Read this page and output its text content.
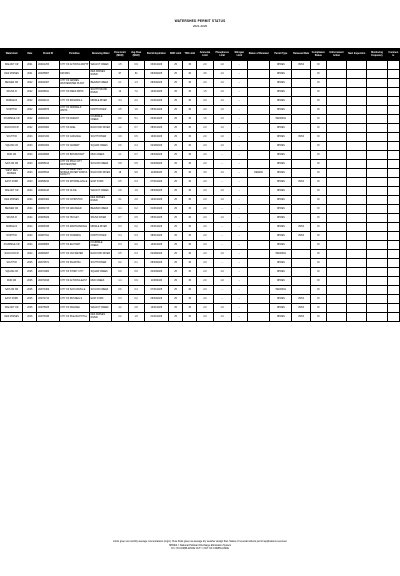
WATERSHED PERMIT STATUS
2021-2026
Watershed	Date	Permit ID	Permittee	Receiving Water	Flow Limit (MGD)	Avg Flow (MGD)	Permit Expiration	BOD Limit	TSS Limit	Ammonia Limit	Phosphorus Limit	Nitrogen Limit	Status of Renewal	Permit Type	Reissued Date	Compliance Status	Enforcement Action	Next Inspection	Monitoring Frequency	Comments
WALNUT CR	2021	IA0021253	CITY OF ALTOONA WWTP	WALNUT CREEK	1.5	0.9	03/31/2026	25	30	2.0	1.0	--		NPDES	05/04	IN				
DES MOINES	2021	IA0035807	DM WRA	DES MOINES RIVER	97	64	06/30/2025	25	30	3.5	1.0	--		NPDES		IN				
BEAVER CR	2022	IA0042307	CITY OF GRIMES WASTEWATER PLANT	BEAVER CREEK	2.1	1.3	09/30/2026	25	30	2.0	1.0	--		NPDES		IN				
SKUNK R	2022	IA0038911	CITY OF AMES WPCF	SOUTH SKUNK RIVER	12	7.2	12/31/2025	25	30	1.5	1.0	--		NPDES		IN				
MIDDLE R	2022	IA0044121	CITY OF INDIANOLA	MIDDLE RIVER	3.4	2.2	01/31/2026	25	30	2.0	1.0	--		NPDES		IN				
NORTH R	2022	IA0039875	CITY OF NORWALK WWTF	NORTH RIVER	2.5	1.6	05/31/2026	25	30	2.0	1.0	--		NPDES		IN				
FOURMILE CR	2022	IA0061204	CITY OF ANKENY	FOURMILE CREEK	8.0	5.1	03/31/2025	25	30	1.5	1.0	--		PENDING		IN				
RACCOON R	2022	IA0033820	CITY OF ADEL	RACCOON RIVER	1.2	0.7	08/31/2026	25	30	2.0	1.0	--		NPDES		IN				
SOUTH R	2023	IA0047220	CITY OF CARLISLE	SOUTH RIVER	0.9	0.5	10/31/2026	25	30	2.0	1.0	--		NPDES	05/04	IN				
SQUAW CR	2023	IA0051662	CITY OF GILBERT	SQUAW CREEK	0.6	0.4	02/28/2026	25	30	2.0	1.0	--		NPDES		IN				
MUD CR	2023	IA0046893	CITY OF BONDURANT	MUD CREEK	1.1	0.7	06/30/2026	25	30	2.0	--	--		NPDES		IN				
SAYLOR CR	2023	IA0055104	CITY OF POLK CITY WASTEWATER	SAYLOR CREEK	0.8	0.5	04/30/2026	25	30	2.0	--	--		NPDES		IN				
WEST DES MOINES	2023	IA0036544	CITY OF WEST DES MOINES WATER WORKS FACILITY	RACCOON RIVER	18	9.6	11/30/2025	25	30	3.0	1.0	--	RENEW	NPDES		IN				
EAST FORK	2023	IA0058210	CITY OF MITCHELLVILLE	EAST FORK	0.5	0.3	07/31/2026	25	30	2.0	--	--		NPDES	05/04	IN				
WALNUT CR	2024	IA0062118	CITY OF CLIVE	WALNUT CREEK	2.8	1.9	09/30/2025	25	30	2.0	1.0	--		NPDES		IN				
DES MOINES	2024	IA0063402	CITY OF JOHNSTON	DES MOINES RIVER	3.1	2.0	12/31/2026	25	30	2.0	1.0	--		NPDES		IN				
BEAVER CR	2024	IA0064715	CITY OF GRANGER	BEAVER CREEK	0.4	0.2	01/31/2026	25	30	2.0	--	--		NPDES		IN				
SKUNK R	2024	IA0065029	CITY OF HUXLEY	SKUNK RIVER	0.7	0.5	05/31/2025	25	30	2.0	1.0	--		NPDES		IN				
MIDDLE R	2024	IA0066338	CITY OF MARTENSDALE	MIDDLE RIVER	0.3	0.2	03/31/2026	25	30	2.0	--	--		NPDES	05/04	IN				
NORTH R	2024	IA0067641	CITY OF CUMMING	NORTH RIVER	0.4	0.3	08/31/2026	25	30	2.0	--	--		NPDES	05/04	IN				
FOURMILE CR	2024	IA0068953	CITY OF ELKHART	FOURMILE CREEK	0.3	0.2	10/31/2025	25	30	2.0	--	--		NPDES		IN				
RACCOON R	2024	IA0069267	CITY OF VAN METER	RACCOON RIVER	0.5	0.3	02/28/2026	25	30	2.0	1.0	--		PENDING		IN				
SOUTH R	2025	IA0070571	CITY OF PALMYRA	SOUTH RIVER	0.2	0.1	06/30/2026	25	30	2.0	--	--		NPDES		IN				
SQUAW CR	2025	IA0071884	CITY OF STORY CITY	SQUAW CREEK	0.9	0.6	04/30/2026	25	30	2.0	1.0	--		NPDES		IN				
MUD CR	2025	IA0072196	CITY OF ALTOONA EAST	MUD CREEK	1.4	0.9	11/30/2026	25	30	2.0	1.0	--		NPDES		IN				
SAYLOR CR	2025	IA0073409	CITY OF SAYLORVILLE	SAYLOR CREEK	0.6	0.4	07/31/2025	25	30	2.0	--	--		PENDING		IN				
EAST FORK	2025	IA0074712	CITY OF RUNNELLS	EAST FORK	0.3	0.2	09/30/2026	25	30	2.0	--	--		NPDES	05/04	IN				
WALNUT CR	2025	IA0075025	CITY OF WAUKEE	WALNUT CREEK	4.2	2.8	12/31/2025	25	30	2.0	1.0	--		NPDES	05/04	IN				
DES MOINES	2026	IA0076338	CITY OF PLEASANT HILL	DES MOINES RIVER	2.2	1.5	01/31/2026	25	30	2.0	1.0	--		NPDES	05/04	IN				
Limits given as monthly average concentrations (mg/L). Flow limits given as average dry weather design flow. Status of renewal reflects permit applications received.
NPDES = National Pollutant Discharge Elimination System
IN = IN COMPLIANCE OUT = OUT OF COMPLIANCE
